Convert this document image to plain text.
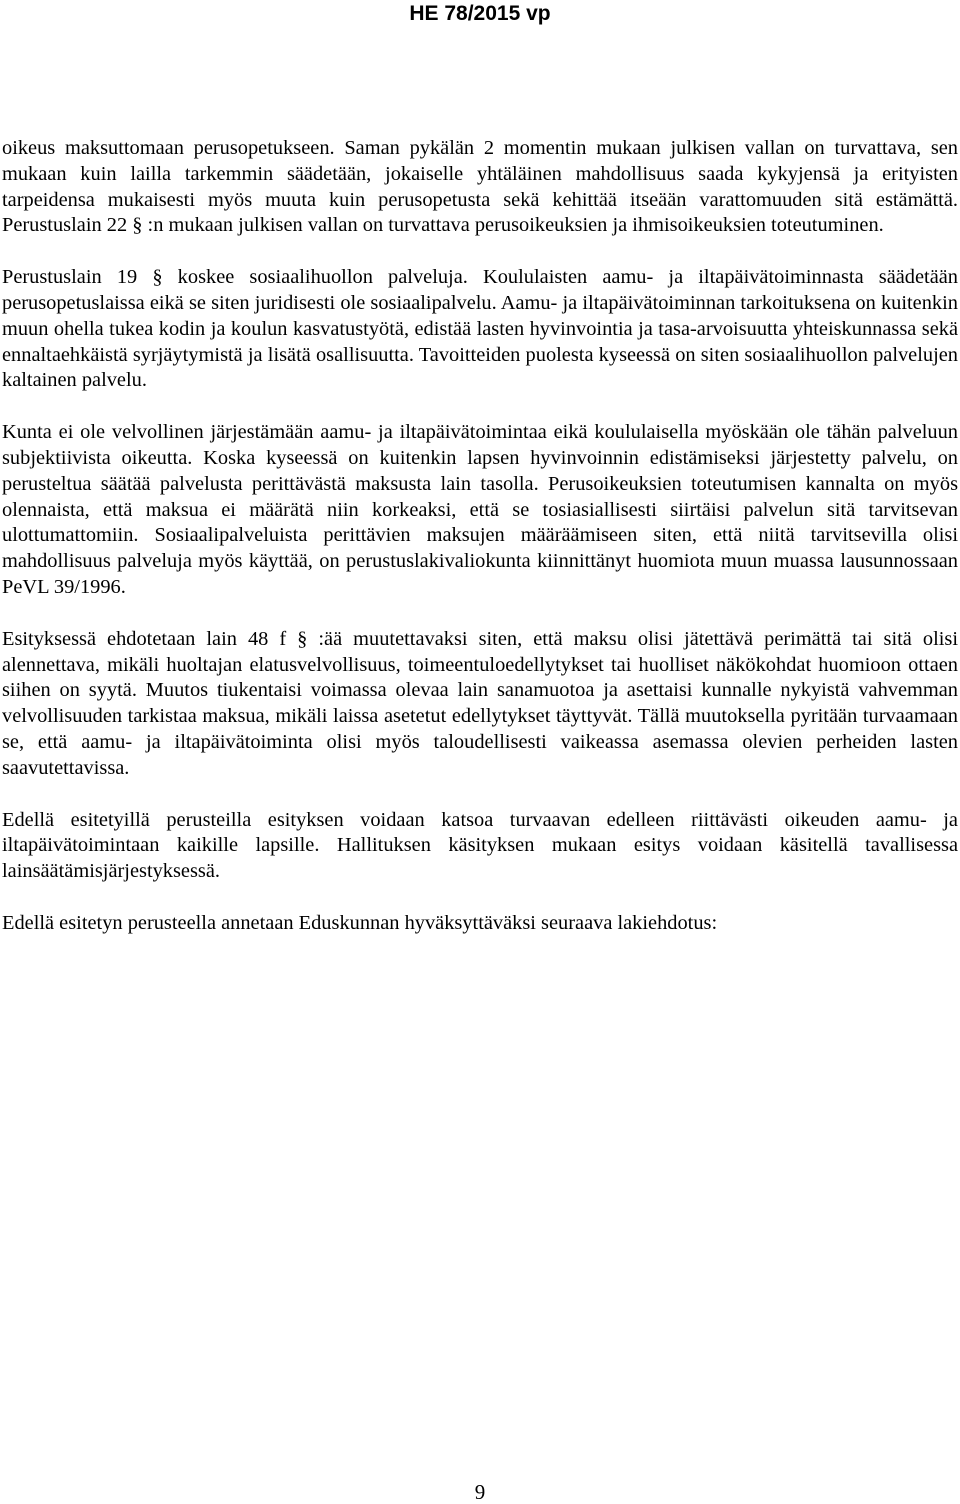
HE 78/2015 vp

oikeus maksuttomaan perusopetukseen. Saman pykälän 2 momentin mukaan julkisen vallan on turvattava, sen mukaan kuin lailla tarkemmin säädetään, jokaiselle yhtäläinen mahdollisuus saada kykyjensä ja erityisten tarpeidensa mukaisesti myös muuta kuin perusopetusta sekä kehittää itseään varattomuuden sitä estämättä. Perustuslain 22 § :n mukaan julkisen vallan on turvattava perusoikeuksien ja ihmisoikeuksien toteutuminen.

Perustuslain 19 § koskee sosiaalihuollon palveluja. Koululaisten aamu- ja iltapäivätoiminnasta säädetään perusopetuslaissa eikä se siten juridisesti ole sosiaalipalvelu. Aamu- ja iltapäivätoiminnan tarkoituksena on kuitenkin muun ohella tukea kodin ja koulun kasvatustyötä, edistää lasten hyvinvointia ja tasa-arvoisuutta yhteiskunnassa sekä ennaltaehkäistä syrjäytymistä ja lisätä osallisuutta. Tavoitteiden puolesta kyseessä on siten sosiaalihuollon palvelujen kaltainen palvelu.

Kunta ei ole velvollinen järjestämään aamu- ja iltapäivätoimintaa eikä koululaisella myöskään ole tähän palveluun subjektiivista oikeutta. Koska kyseessä on kuitenkin lapsen hyvinvoinnin edistämiseksi järjestetty palvelu, on perusteltua säätää palvelusta perittävästä maksusta lain tasolla. Perusoikeuksien toteutumisen kannalta on myös olennaista, että maksua ei määrätä niin korkeaksi, että se tosiasiallisesti siirtäisi palvelun sitä tarvitsevan ulottumattomiin. Sosiaalipalveluista perittävien maksujen määräämiseen siten, että niitä tarvitsevilla olisi mahdollisuus palveluja myös käyttää, on perustuslakivaliokunta kiinnittänyt huomiota muun muassa lausunnossaan PeVL 39/1996.

Esityksessä ehdotetaan lain 48 f § :ää muutettavaksi siten, että maksu olisi jätettävä perimättä tai sitä olisi alennettava, mikäli huoltajan elatusvelvollisuus, toimeentuloedellytykset tai huolliset näkökohdat huomioon ottaen siihen on syytä. Muutos tiukentaisi voimassa olevaa lain sanamuotoa ja asettaisi kunnalle nykyistä vahvemman velvollisuuden tarkistaa maksua, mikäli laissa asetetut edellytykset täyttyvät. Tällä muutoksella pyritään turvaamaan se, että aamu- ja iltapäivätoiminta olisi myös taloudellisesti vaikeassa asemassa olevien perheiden lasten saavutettavissa.

Edellä esitetyillä perusteilla esityksen voidaan katsoa turvaavan edelleen riittävästi oikeuden aamu- ja iltapäivätoimintaan kaikille lapsille. Hallituksen käsityksen mukaan esitys voidaan käsitellä tavallisessa lainsäätämisjärjestyksessä.

Edellä esitetyn perusteella annetaan Eduskunnan hyväksyttäväksi seuraava lakiehdotus:

9
